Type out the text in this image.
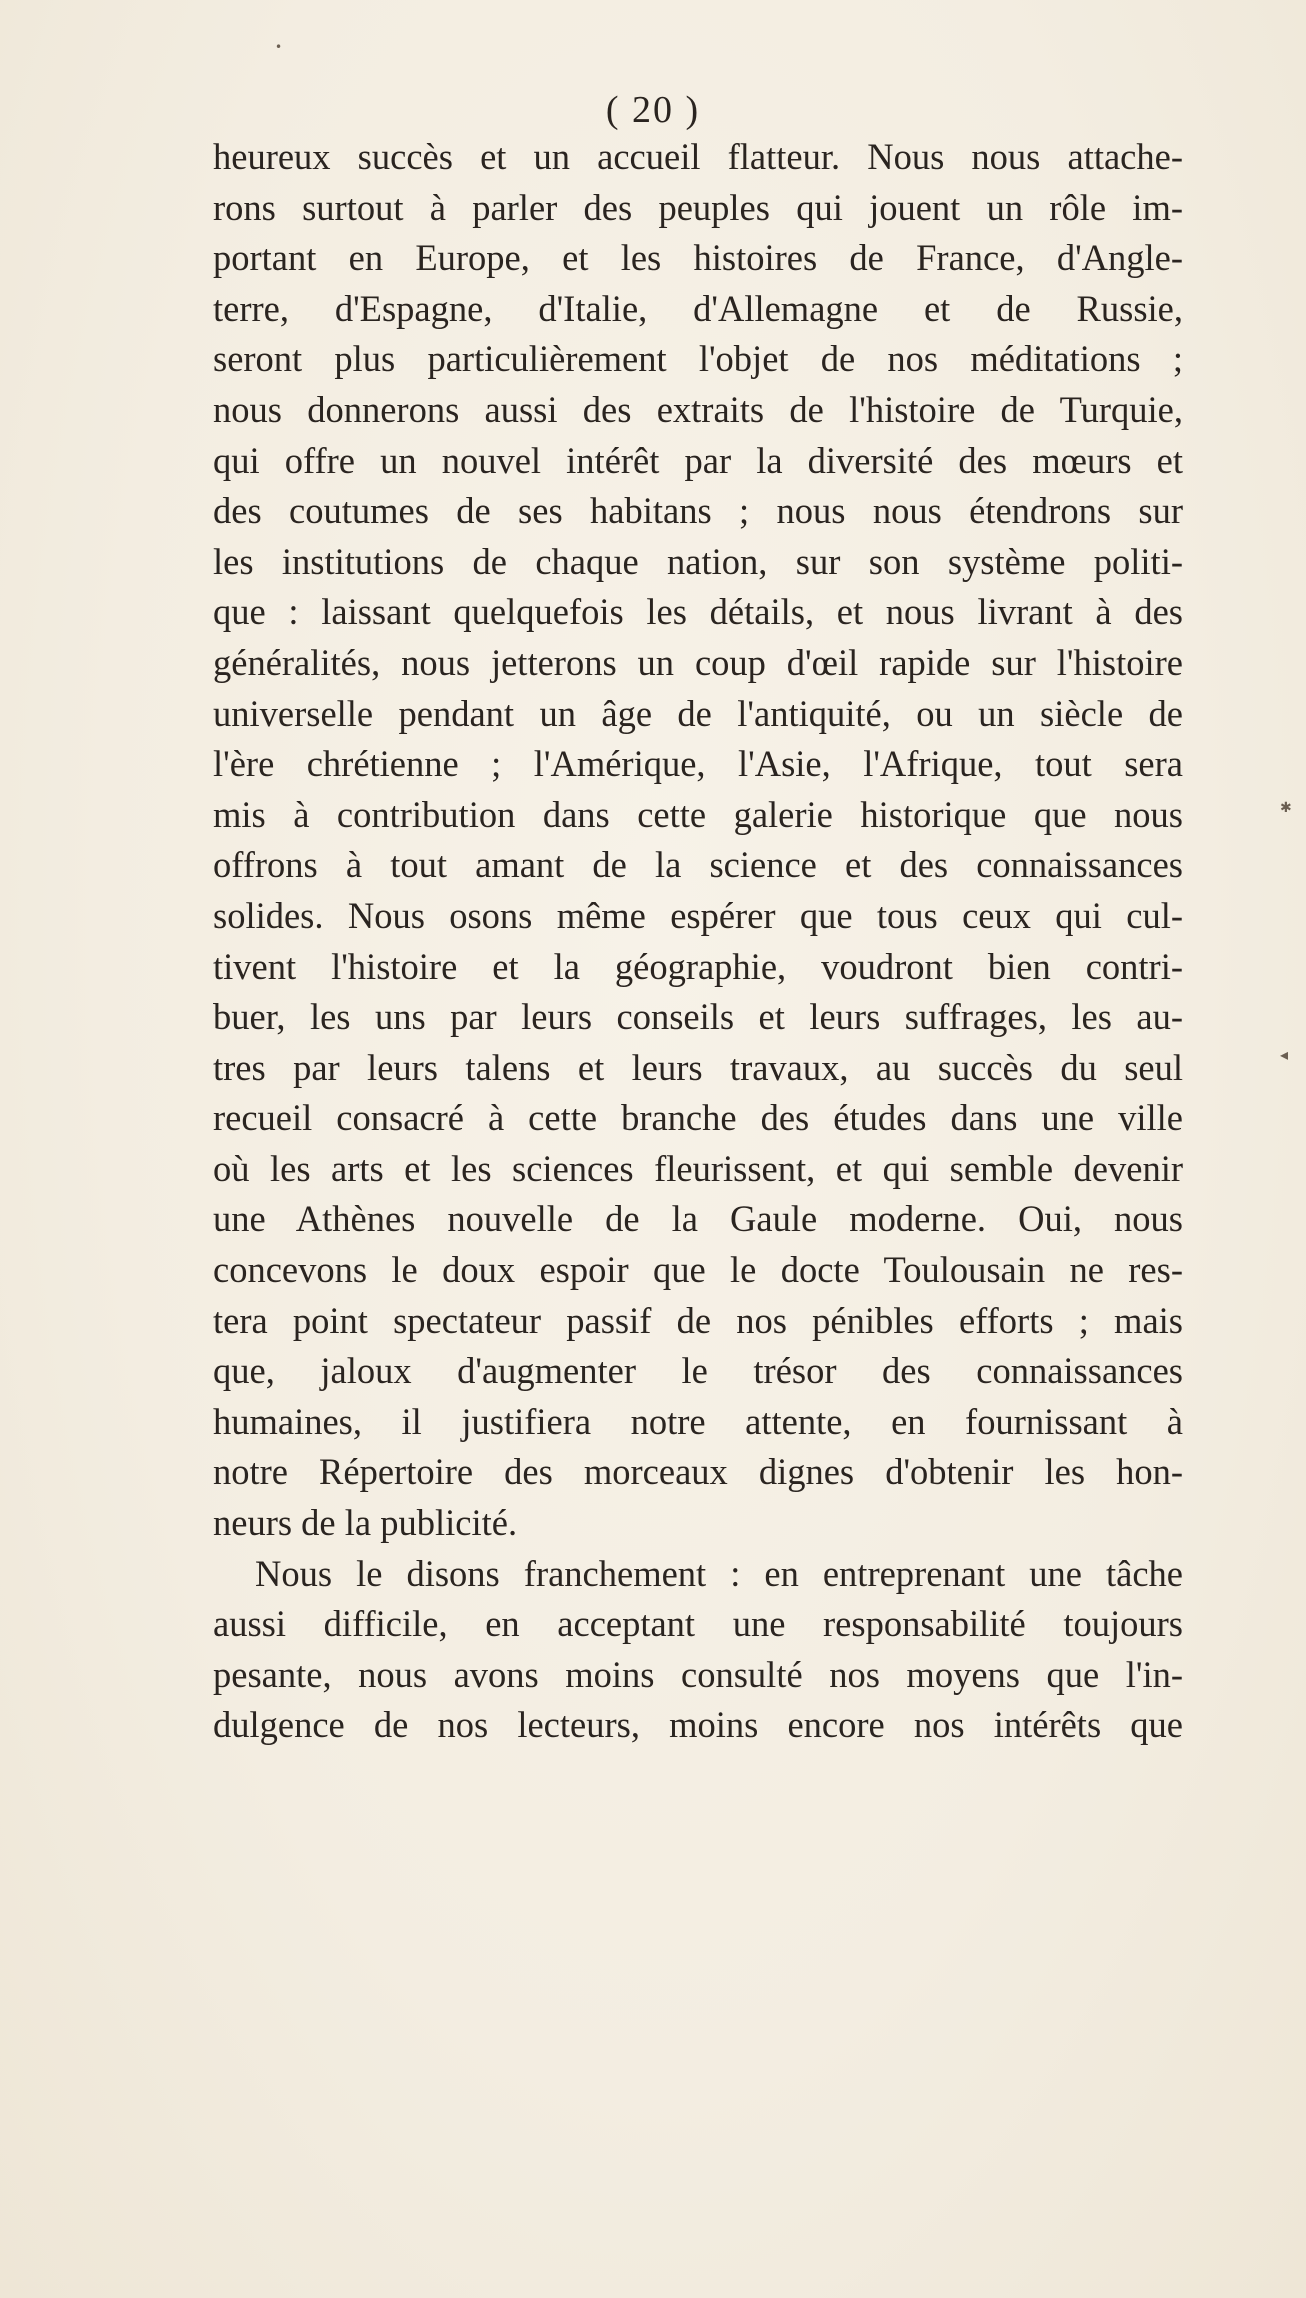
( 20 )
heureux succès et un accueil flatteur. Nous nous attache-
rons surtout à parler des peuples qui jouent un rôle im-
portant en Europe, et les histoires de France, d'Angle-
terre, d'Espagne, d'Italie, d'Allemagne et de Russie,
seront plus particulièrement l'objet de nos méditations ;
nous donnerons aussi des extraits de l'histoire de Turquie,
qui offre un nouvel intérêt par la diversité des mœurs et
des coutumes de ses habitans ; nous nous étendrons sur
les institutions de chaque nation, sur son système politi-
que : laissant quelquefois les détails, et nous livrant à des
généralités, nous jetterons un coup d'œil rapide sur l'histoire
universelle pendant un âge de l'antiquité, ou un siècle de
l'ère chrétienne ; l'Amérique, l'Asie, l'Afrique, tout sera
mis à contribution dans cette galerie historique que nous
offrons à tout amant de la science et des connaissances
solides. Nous osons même espérer que tous ceux qui cul-
tivent l'histoire et la géographie, voudront bien contri-
buer, les uns par leurs conseils et leurs suffrages, les au-
tres par leurs talens et leurs travaux, au succès du seul
recueil consacré à cette branche des études dans une ville
où les arts et les sciences fleurissent, et qui semble devenir
une Athènes nouvelle de la Gaule moderne. Oui, nous
concevons le doux espoir que le docte Toulousain ne res-
tera point spectateur passif de nos pénibles efforts ; mais
que, jaloux d'augmenter le trésor des connaissances
humaines, il justifiera notre attente, en fournissant à
notre Répertoire des morceaux dignes d'obtenir les hon-
neurs de la publicité.
Nous le disons franchement : en entreprenant une tâche
aussi difficile, en acceptant une responsabilité toujours
pesante, nous avons moins consulté nos moyens que l'in-
dulgence de nos lecteurs, moins encore nos intérêts que
✱
◂
•
